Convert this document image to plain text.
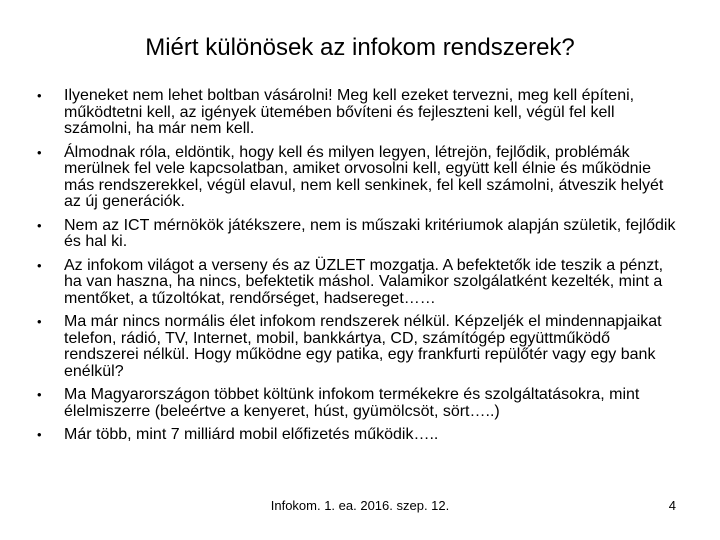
Miért különösek az infokom rendszerek?
• Ilyeneket nem lehet boltban vásárolni! Meg kell ezeket tervezni, meg kell építeni, működtetni kell, az igények ütemében bővíteni és fejleszteni kell, végül fel kell számolni, ha már nem kell.
• Álmodnak róla, eldöntik, hogy kell és milyen legyen, létrejön, fejlődik, problémák merülnek fel vele kapcsolatban, amiket orvosolni kell, együtt kell élnie és működnie más rendszerekkel, végül elavul, nem kell senkinek, fel kell számolni, átveszik helyét az új generációk.
• Nem az ICT mérnökök játékszere, nem is műszaki kritériumok alapján születik, fejlődik és hal ki.
• Az infokom világot a verseny és az ÜZLET mozgatja. A befektetők ide teszik a pénzt, ha van haszna, ha nincs, befektetik máshol. Valamikor szolgálatként kezelték, mint a mentőket, a tűzoltókat, rendőrséget, hadsereget……
• Ma már nincs normális élet infokom rendszerek nélkül. Képzeljék el mindennapjaikat telefon, rádió, TV, Internet, mobil, bankkártya, CD, számítógép együttműködő rendszerei nélkül. Hogy működne egy patika, egy frankfurti repülőtér vagy egy bank enélkül?
• Ma Magyarországon többet költünk infokom termékekre és szolgáltatásokra, mint élelmiszerre (beleértve a kenyeret, húst, gyümölcsöt, sört…..)
• Már több, mint 7 milliárd mobil előfizetés működik…..
Infokom. 1. ea. 2016. szep. 12.	4
